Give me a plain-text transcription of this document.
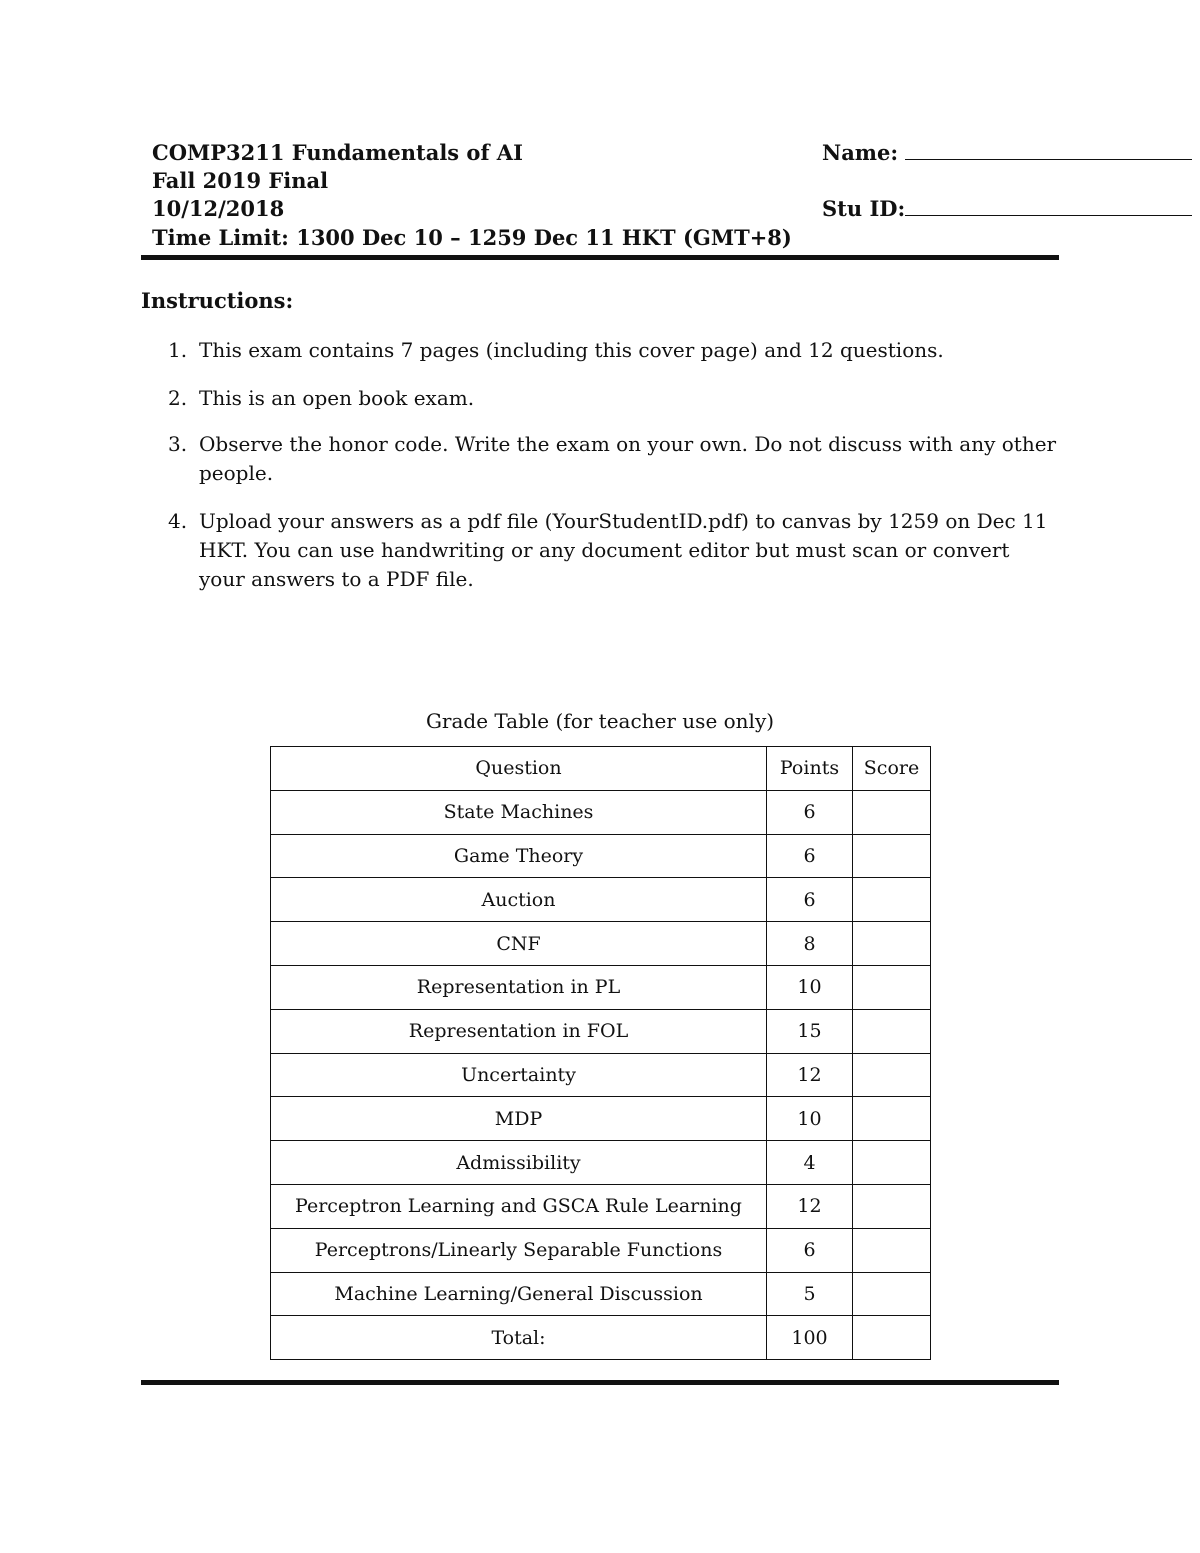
COMP3211 Fundamentals of AI
Fall 2019 Final
10/12/2018
Time Limit: 1300 Dec 10 – 1259 Dec 11 HKT (GMT+8)
Name:
Stu ID:
Instructions:
1. This exam contains 7 pages (including this cover page) and 12 questions.
2. This is an open book exam.
3. Observe the honor code. Write the exam on your own. Do not discuss with any other people.
4. Upload your answers as a pdf file (YourStudentID.pdf) to canvas by 1259 on Dec 11 HKT. You can use handwriting or any document editor but must scan or convert your answers to a PDF file.
Grade Table (for teacher use only)
Question	Points	Score
State Machines	6	
Game Theory	6	
Auction	6	
CNF	8	
Representation in PL	10	
Representation in FOL	15	
Uncertainty	12	
MDP	10	
Admissibility	4	
Perceptron Learning and GSCA Rule Learning	12	
Perceptrons/Linearly Separable Functions	6	
Machine Learning/General Discussion	5	
Total:	100	
